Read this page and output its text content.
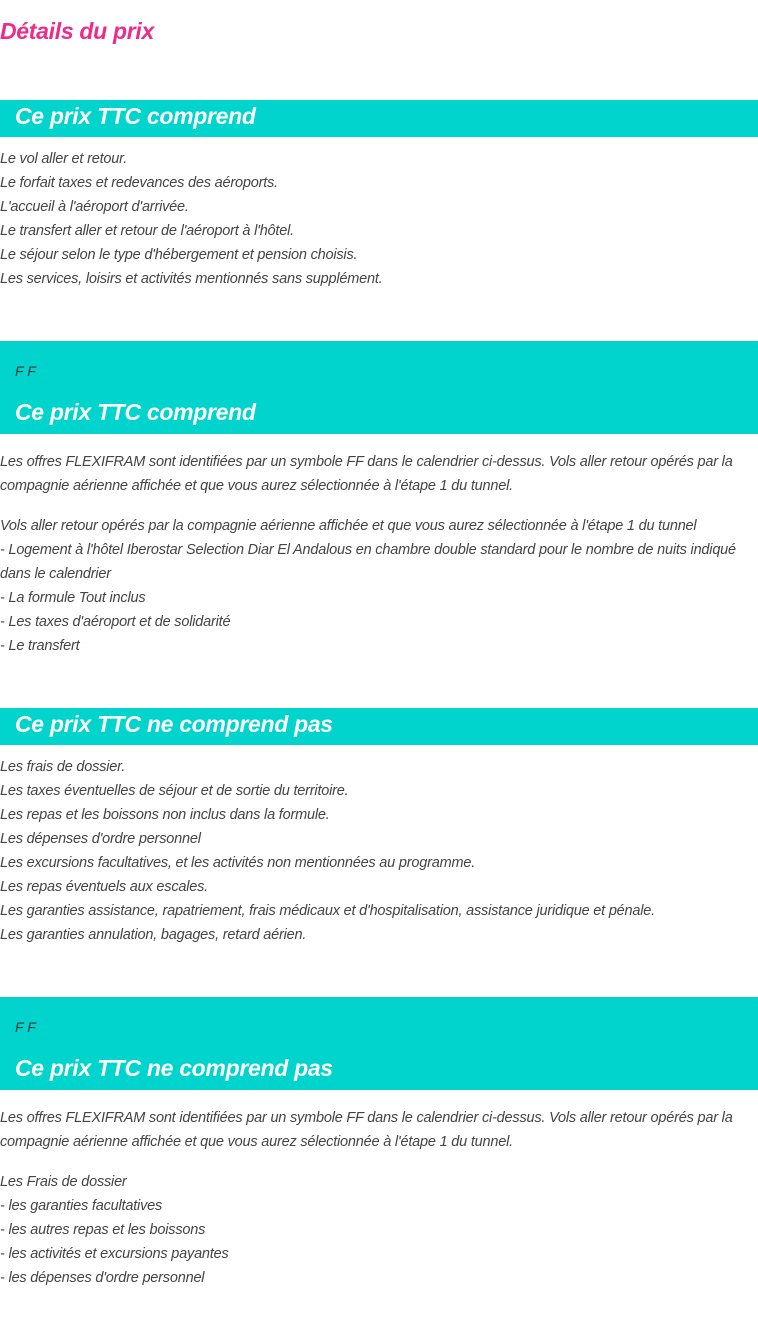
Détails du prix
Ce prix TTC comprend
Le vol aller et retour.
Le forfait taxes et redevances des aéroports.
L'accueil à l'aéroport d'arrivée.
Le transfert aller et retour de l'aéroport à l'hôtel.
Le séjour selon le type d'hébergement et pension choisis.
Les services, loisirs et activités mentionnés sans supplément.
F F
Ce prix TTC comprend
Les offres FLEXIFRAM sont identifiées par un symbole FF dans le calendrier ci-dessus. Vols aller retour opérés par la
compagnie aérienne affichée et que vous aurez sélectionnée à l'étape 1 du tunnel.
Vols aller retour opérés par la compagnie aérienne affichée et que vous aurez sélectionnée à l'étape 1 du tunnel
- Logement à l'hôtel Iberostar Selection Diar El Andalous en chambre double standard pour le nombre de nuits indiqué
dans le calendrier
- La formule Tout inclus
- Les taxes d'aéroport et de solidarité
- Le transfert
Ce prix TTC ne comprend pas
Les frais de dossier.
Les taxes éventuelles de séjour et de sortie du territoire.
Les repas et les boissons non inclus dans la formule.
Les dépenses d'ordre personnel
Les excursions facultatives, et les activités non mentionnées au programme.
Les repas éventuels aux escales.
Les garanties assistance, rapatriement, frais médicaux et d'hospitalisation, assistance juridique et pénale.
Les garanties annulation, bagages, retard aérien.
F F
Ce prix TTC ne comprend pas
Les offres FLEXIFRAM sont identifiées par un symbole FF dans le calendrier ci-dessus. Vols aller retour opérés par la
compagnie aérienne affichée et que vous aurez sélectionnée à l'étape 1 du tunnel.
Les Frais de dossier
- les garanties facultatives
- les autres repas et les boissons
- les activités et excursions payantes
- les dépenses d'ordre personnel
